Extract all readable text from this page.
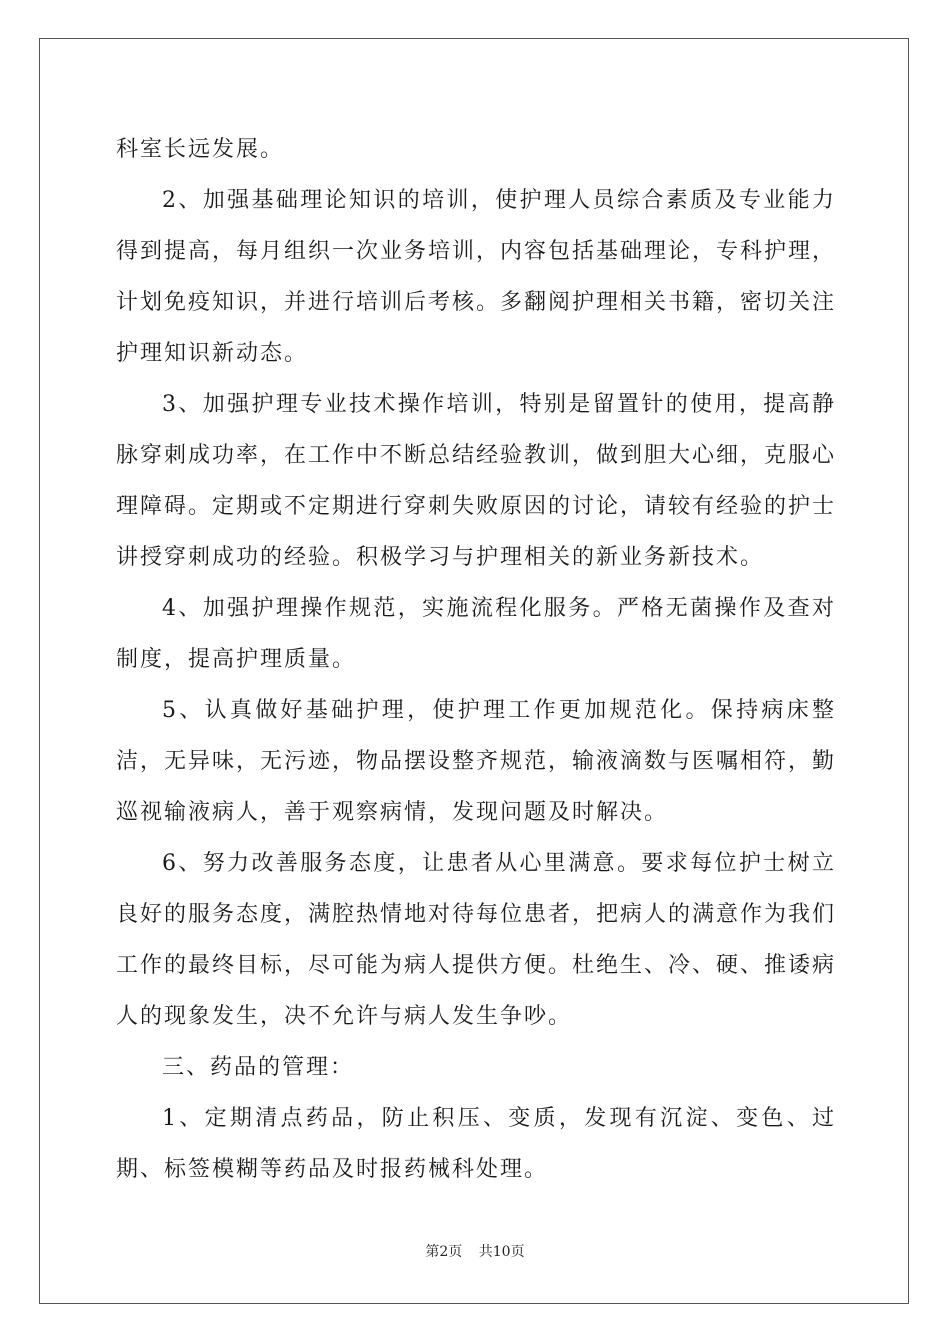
科室长远发展。

2、加强基础理论知识的培训，使护理人员综合素质及专业能力得到提高，每月组织一次业务培训，内容包括基础理论，专科护理，计划免疫知识，并进行培训后考核。多翻阅护理相关书籍，密切关注护理知识新动态。

3、加强护理专业技术操作培训，特别是留置针的使用，提高静脉穿刺成功率，在工作中不断总结经验教训，做到胆大心细，克服心理障碍。定期或不定期进行穿刺失败原因的讨论，请较有经验的护士讲授穿刺成功的经验。积极学习与护理相关的新业务新技术。

4、加强护理操作规范，实施流程化服务。严格无菌操作及查对制度，提高护理质量。

5、认真做好基础护理，使护理工作更加规范化。保持病床整洁，无异味，无污迹，物品摆设整齐规范，输液滴数与医嘱相符，勤巡视输液病人，善于观察病情，发现问题及时解决。

6、努力改善服务态度，让患者从心里满意。要求每位护士树立良好的服务态度，满腔热情地对待每位患者，把病人的满意作为我们工作的最终目标，尽可能为病人提供方便。杜绝生、冷、硬、推诿病人的现象发生，决不允许与病人发生争吵。

三、药品的管理：

1、定期清点药品，防止积压、变质，发现有沉淀、变色、过期、标签模糊等药品及时报药械科处理。

第2页 共10页
